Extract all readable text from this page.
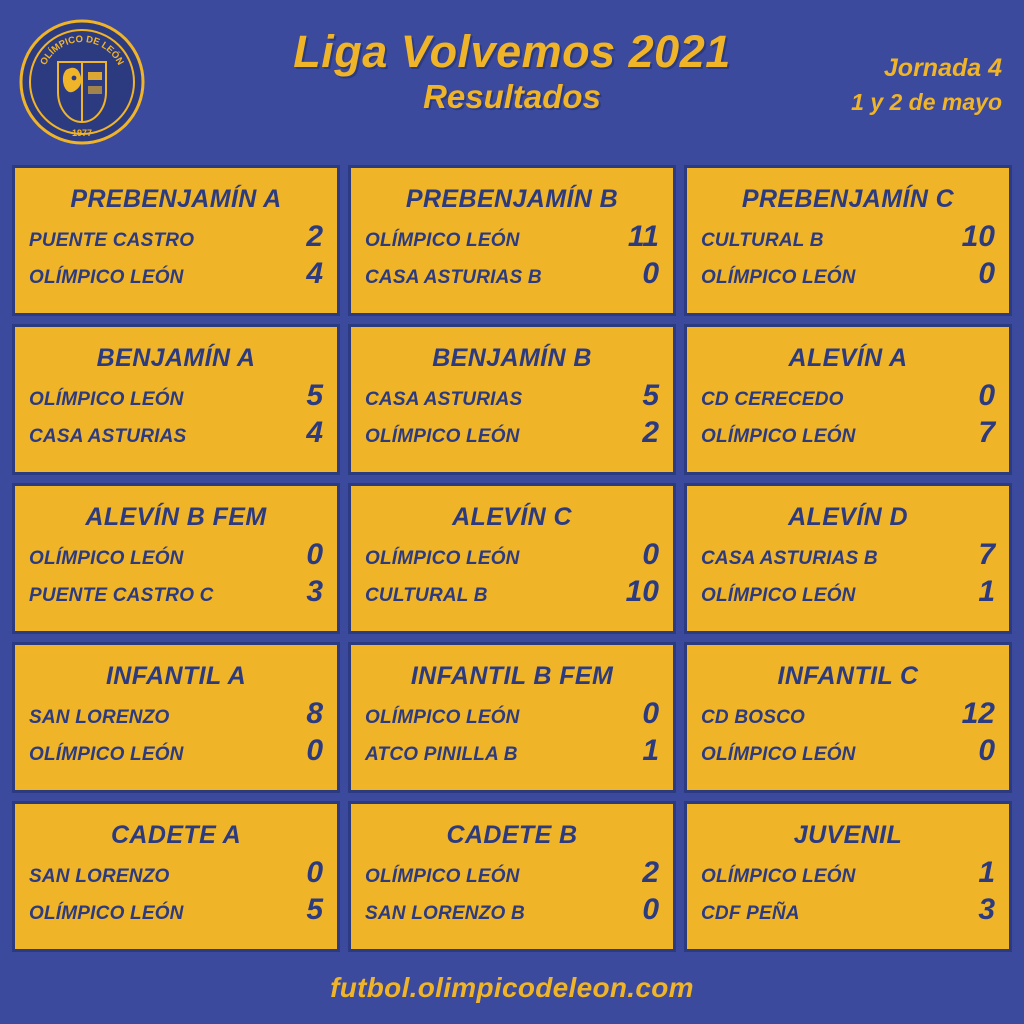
1977
OLÍMPICO DE LEÓN	Liga Volvemos 2021
Resultados
Jornada 4
1 y 2 de mayo
PREBENJAMÍN A
PUENTE CASTRO	2
OLÍMPICO LEÓN	4
PREBENJAMÍN B
OLÍMPICO LEÓN	11
CASA ASTURIAS B	0
PREBENJAMÍN C
CULTURAL B	10
OLÍMPICO LEÓN	0
BENJAMÍN A
OLÍMPICO LEÓN	5
CASA ASTURIAS	4
BENJAMÍN B
CASA ASTURIAS	5
OLÍMPICO LEÓN	2
ALEVÍN A
CD CERECEDO	0
OLÍMPICO LEÓN	7
ALEVÍN B FEM
OLÍMPICO LEÓN	0
PUENTE CASTRO C	3
ALEVÍN C
OLÍMPICO LEÓN	0
CULTURAL B	10
ALEVÍN D
CASA ASTURIAS B	7
OLÍMPICO LEÓN	1
INFANTIL A
SAN LORENZO	8
OLÍMPICO LEÓN	0
INFANTIL B FEM
OLÍMPICO LEÓN	0
ATCO PINILLA B	1
INFANTIL C
CD BOSCO	12
OLÍMPICO LEÓN	0
CADETE A
SAN LORENZO	0
OLÍMPICO LEÓN	5
CADETE B
OLÍMPICO LEÓN	2
SAN LORENZO B	0
JUVENIL
OLÍMPICO LEÓN	1
CDF PEÑA	3
futbol.olimpicodeleon.com
